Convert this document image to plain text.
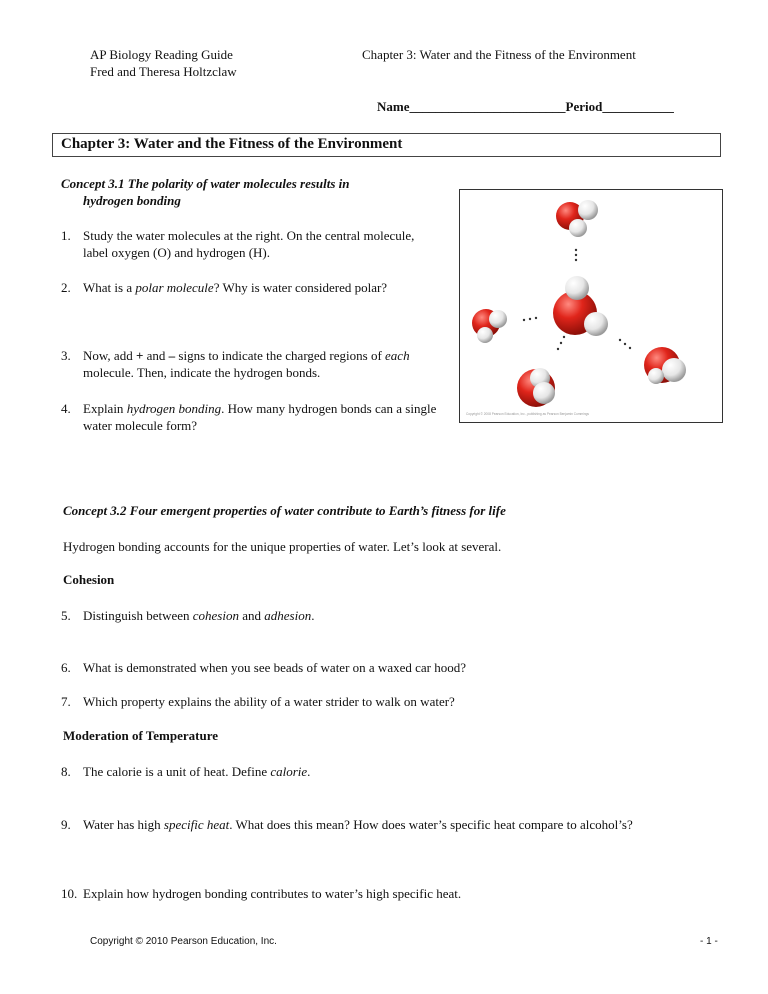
AP Biology Reading Guide
Fred and Theresa Holtzclaw
Chapter 3: Water and the Fitness of the Environment
Name________________________Period___________
Chapter 3: Water and the Fitness of the Environment
Concept 3.1 The polarity of water molecules results in
hydrogen bonding
1. Study the water molecules at the right. On the central molecule, label oxygen (O) and hydrogen (H).
2. What is a polar molecule? Why is water considered polar?
3. Now, add + and – signs to indicate the charged regions of each molecule. Then, indicate the hydrogen bonds.
4. Explain hydrogen bonding. How many hydrogen bonds can a single water molecule form?
Copyright © 2008 Pearson Education, Inc., publishing as Pearson Benjamin Cummings
Concept 3.2 Four emergent properties of water contribute to Earth’s fitness for life
Hydrogen bonding accounts for the unique properties of water. Let’s look at several.
Cohesion
5. Distinguish between cohesion and adhesion.
6. What is demonstrated when you see beads of water on a waxed car hood?
7. Which property explains the ability of a water strider to walk on water?
Moderation of Temperature
8. The calorie is a unit of heat. Define calorie.
9. Water has high specific heat. What does this mean? How does water’s specific heat compare to alcohol’s?
10. Explain how hydrogen bonding contributes to water’s high specific heat.
Copyright © 2010 Pearson Education, Inc.	- 1 -
